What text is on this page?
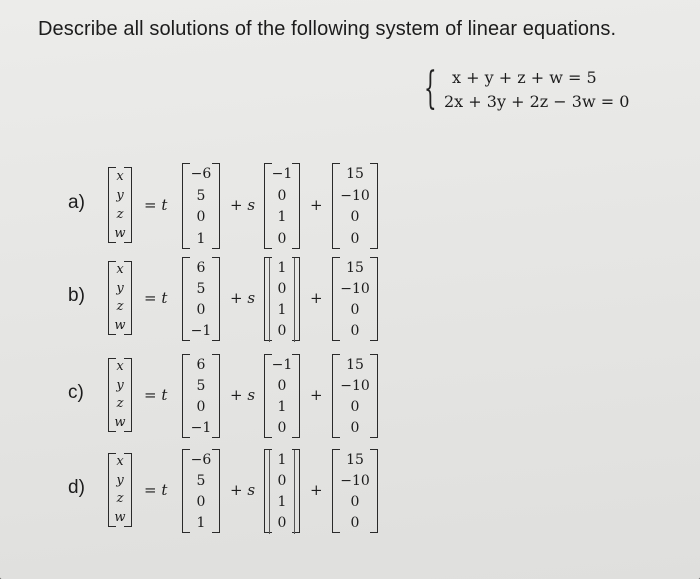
Describe all solutions of the following system of linear equations.
{ x + y + z + w = 5
2x + 3y + 2z − 3w = 0
a)
x
y
z
w
= t
−6
5
0
1
+ s
−1
0
1
0
+
15
−10
0
0
b)
x
y
z
w
= t
6
5
0
−1
+ s
1
0
1
0
+
15
−10
0
0
c)
x
y
z
w
= t
6
5
0
−1
+ s
−1
0
1
0
+
15
−10
0
0
d)
x
y
z
w
= t
−6
5
0
1
+ s
1
0
1
0
+
15
−10
0
0
